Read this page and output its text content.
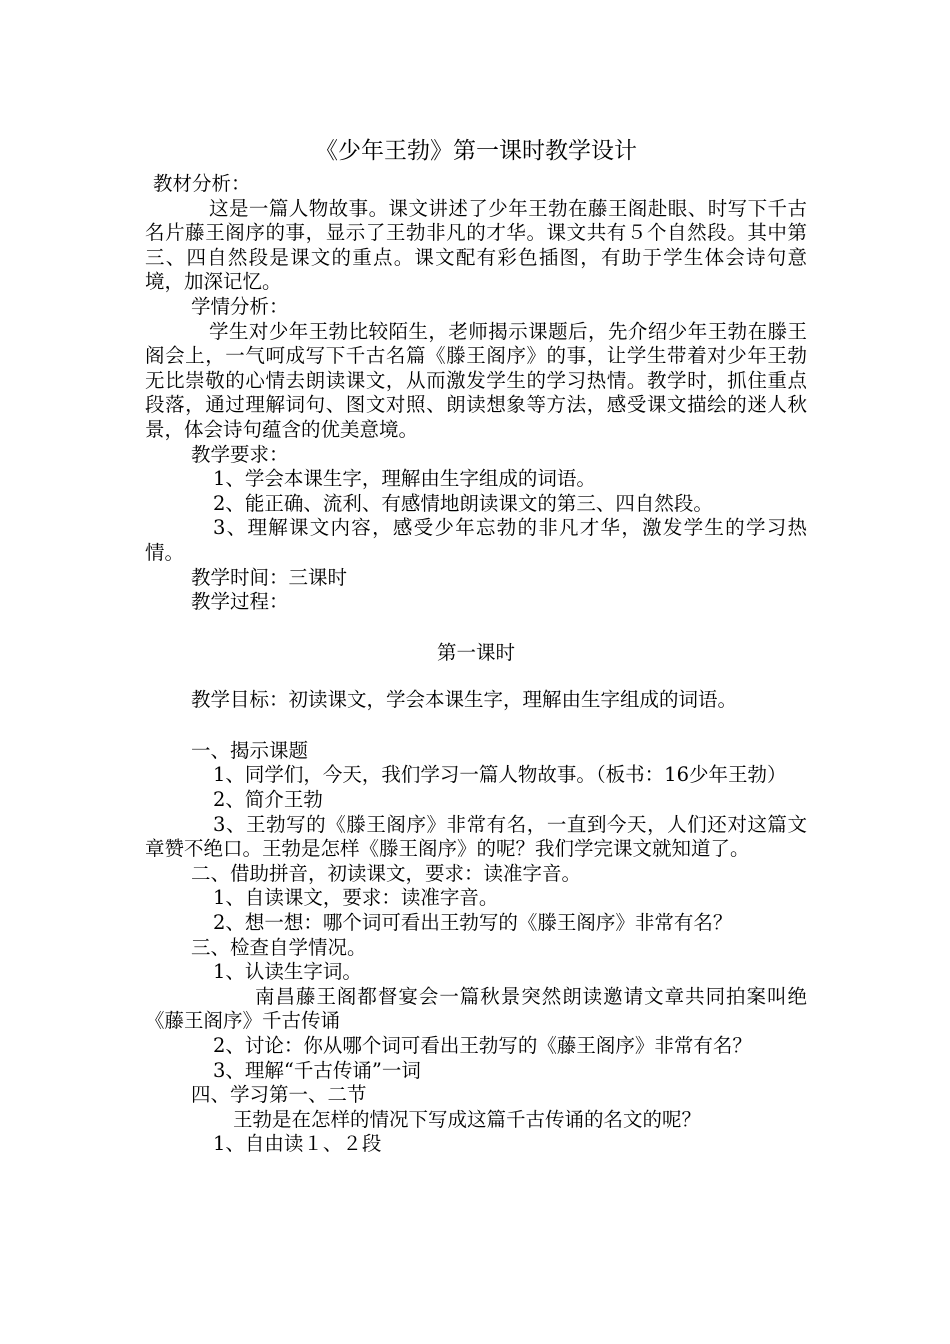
《少年王勃》第一课时教学设计

教材分析：

这是一篇人物故事。课文讲述了少年王勃在藤王阁赴眼、时写下千古名片藤王阁序的事，显示了王勃非凡的才华。课文共有５个自然段。其中第三、四自然段是课文的重点。课文配有彩色插图，有助于学生体会诗句意境，加深记忆。

学情分析：

学生对少年王勃比较陌生，老师揭示课题后，先介绍少年王勃在滕王阁会上，一气呵成写下千古名篇《滕王阁序》的事，让学生带着对少年王勃无比崇敬的心情去朗读课文，从而激发学生的学习热情。教学时，抓住重点段落，通过理解词句、图文对照、朗读想象等方法，感受课文描绘的迷人秋景，体会诗句蕴含的优美意境。

教学要求：

1、学会本课生字，理解由生字组成的词语。

2、能正确、流利、有感情地朗读课文的第三、四自然段。

3、理解课文内容，感受少年忘勃的非凡才华，激发学生的学习热情。

教学时间：三课时

教学过程：

第一课时

教学目标：初读课文，学会本课生字，理解由生字组成的词语。

一、揭示课题

1、同学们，今天，我们学习一篇人物故事。（板书：16少年王勃）

2、简介王勃

3、王勃写的《滕王阁序》非常有名，一直到今天，人们还对这篇文章赞不绝口。王勃是怎样《滕王阁序》的呢？我们学完课文就知道了。

二、借助拼音，初读课文，要求：读准字音。

1、自读课文，要求：读准字音。

2、想一想：哪个词可看出王勃写的《滕王阁序》非常有名？

三、检查自学情况。

1、认读生字词。

南昌藤王阁都督宴会一篇秋景突然朗读邀请文章共同拍案叫绝《藤王阁序》千古传诵

2、讨论：你从哪个词可看出王勃写的《藤王阁序》非常有名？

3、理解“千古传诵”一词

四、学习第一、二节

王勃是在怎样的情况下写成这篇千古传诵的名文的呢？

1、自由读１、２段
